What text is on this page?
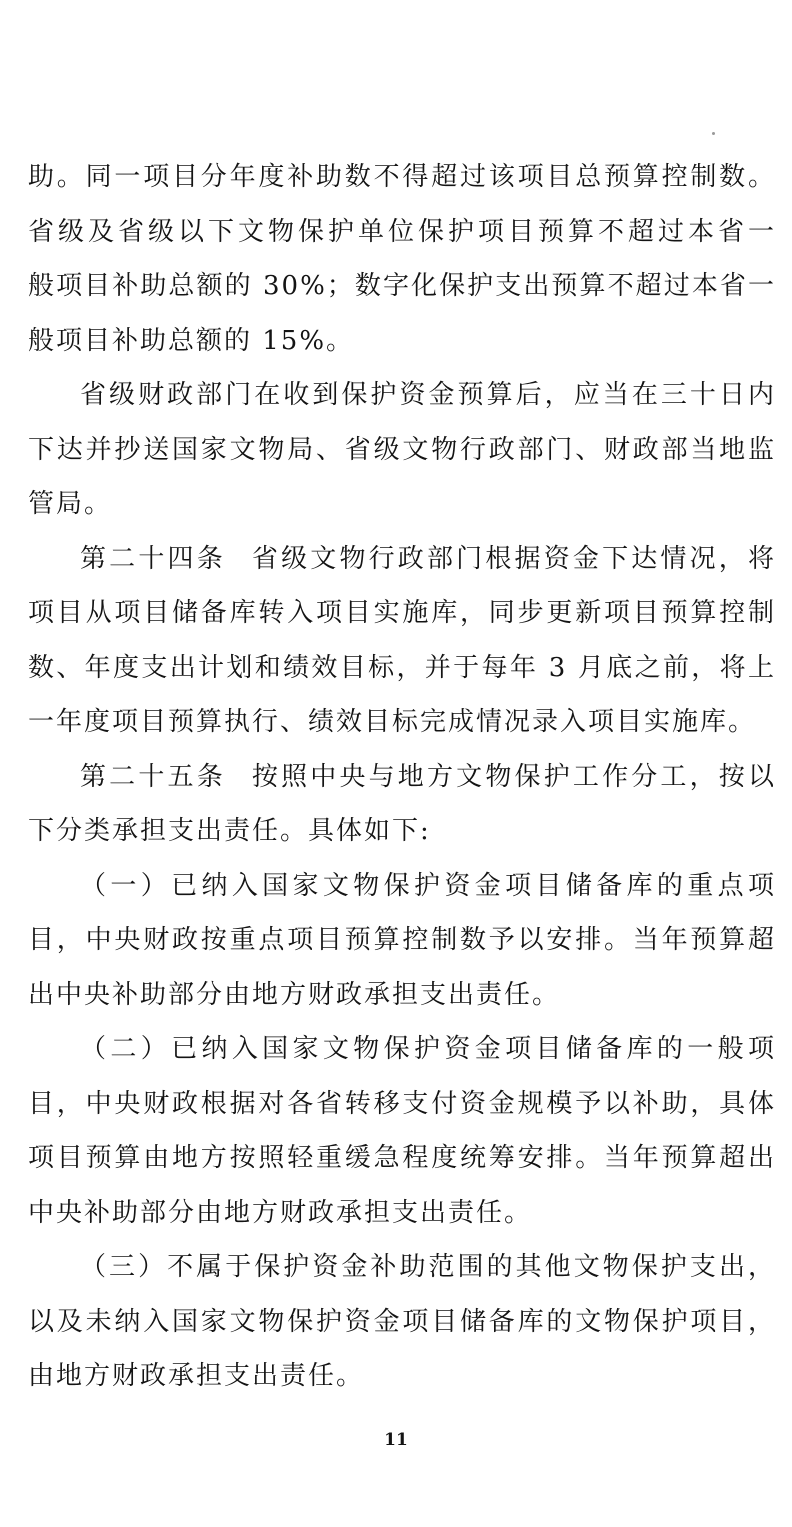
助。同一项目分年度补助数不得超过该项目总预算控制数。
省级及省级以下文物保护单位保护项目预算不超过本省一
般项目补助总额的 30%；数字化保护支出预算不超过本省一
般项目补助总额的 15%。

省级财政部门在收到保护资金预算后，应当在三十日内
下达并抄送国家文物局、省级文物行政部门、财政部当地监
管局。

第二十四条 省级文物行政部门根据资金下达情况，将
项目从项目储备库转入项目实施库，同步更新项目预算控制
数、年度支出计划和绩效目标，并于每年 3 月底之前，将上
一年度项目预算执行、绩效目标完成情况录入项目实施库。

第二十五条 按照中央与地方文物保护工作分工，按以
下分类承担支出责任。具体如下:

（一）已纳入国家文物保护资金项目储备库的重点项
目，中央财政按重点项目预算控制数予以安排。当年预算超
出中央补助部分由地方财政承担支出责任。

（二）已纳入国家文物保护资金项目储备库的一般项
目，中央财政根据对各省转移支付资金规模予以补助，具体
项目预算由地方按照轻重缓急程度统筹安排。当年预算超出
中央补助部分由地方财政承担支出责任。

（三）不属于保护资金补助范围的其他文物保护支出，
以及未纳入国家文物保护资金项目储备库的文物保护项目，
由地方财政承担支出责任。

11
